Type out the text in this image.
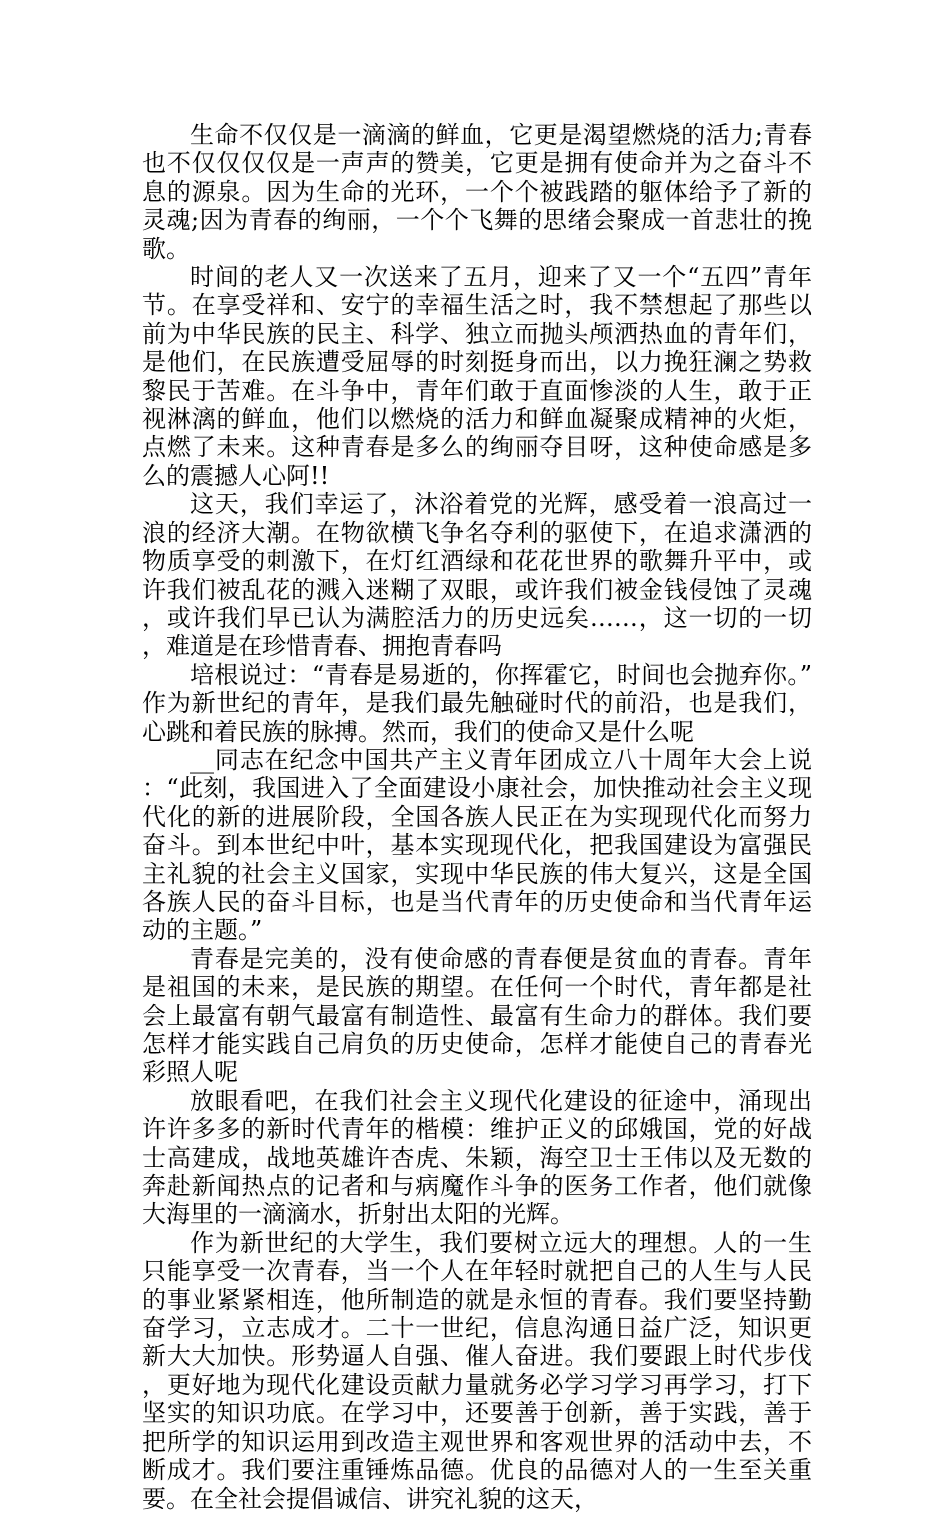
生命不仅仅是一滴滴的鲜血，它更是渴望燃烧的活力;青春也不仅仅仅仅是一声声的赞美，它更是拥有使命并为之奋斗不息的源泉。因为生命的光环，一个个被践踏的躯体给予了新的灵魂;因为青春的绚丽，一个个飞舞的思绪会聚成一首悲壮的挽歌。

时间的老人又一次送来了五月，迎来了又一个“五四”青年节。在享受祥和、安宁的幸福生活之时，我不禁想起了那些以前为中华民族的民主、科学、独立而抛头颅洒热血的青年们，是他们，在民族遭受屈辱的时刻挺身而出，以力挽狂澜之势救黎民于苦难。在斗争中，青年们敢于直面惨淡的人生，敢于正视淋漓的鲜血，他们以燃烧的活力和鲜血凝聚成精神的火炬，点燃了未来。这种青春是多么的绚丽夺目呀，这种使命感是多么的震撼人心阿!!

这天，我们幸运了，沐浴着党的光辉，感受着一浪高过一浪的经济大潮。在物欲横飞争名夺利的驱使下，在追求潇洒的物质享受的刺激下，在灯红酒绿和花花世界的歌舞升平中，或许我们被乱花的溅入迷糊了双眼，或许我们被金钱侵蚀了灵魂，或许我们早已认为满腔活力的历史远矣……，这一切的一切，难道是在珍惜青春、拥抱青春吗

培根说过：“青春是易逝的，你挥霍它，时间也会抛弃你。”作为新世纪的青年，是我们最先触碰时代的前沿，也是我们，心跳和着民族的脉搏。然而，我们的使命又是什么呢

__同志在纪念中国共产主义青年团成立八十周年大会上说：“此刻，我国进入了全面建设小康社会，加快推动社会主义现代化的新的进展阶段，全国各族人民正在为实现现代化而努力奋斗。到本世纪中叶，基本实现现代化，把我国建设为富强民主礼貌的社会主义国家，实现中华民族的伟大复兴，这是全国各族人民的奋斗目标，也是当代青年的历史使命和当代青年运动的主题。”

青春是完美的，没有使命感的青春便是贫血的青春。青年是祖国的未来，是民族的期望。在任何一个时代，青年都是社会上最富有朝气最富有制造性、最富有生命力的群体。我们要怎样才能实践自己肩负的历史使命，怎样才能使自己的青春光彩照人呢

放眼看吧，在我们社会主义现代化建设的征途中，涌现出许许多多的新时代青年的楷模：维护正义的邱娥国，党的好战士高建成，战地英雄许杏虎、朱颖，海空卫士王伟以及无数的奔赴新闻热点的记者和与病魔作斗争的医务工作者，他们就像大海里的一滴滴水，折射出太阳的光辉。

作为新世纪的大学生，我们要树立远大的理想。人的一生只能享受一次青春，当一个人在年轻时就把自己的人生与人民的事业紧紧相连，他所制造的就是永恒的青春。我们要坚持勤奋学习，立志成才。二十一世纪，信息沟通日益广泛，知识更新大大加快。形势逼人自强、催人奋进。我们要跟上时代步伐，更好地为现代化建设贡献力量就务必学习学习再学习，打下坚实的知识功底。在学习中，还要善于创新，善于实践，善于把所学的知识运用到改造主观世界和客观世界的活动中去，不断成才。我们要注重锤炼品德。优良的品德对人的一生至关重要。在全社会提倡诚信、讲究礼貌的这天，
